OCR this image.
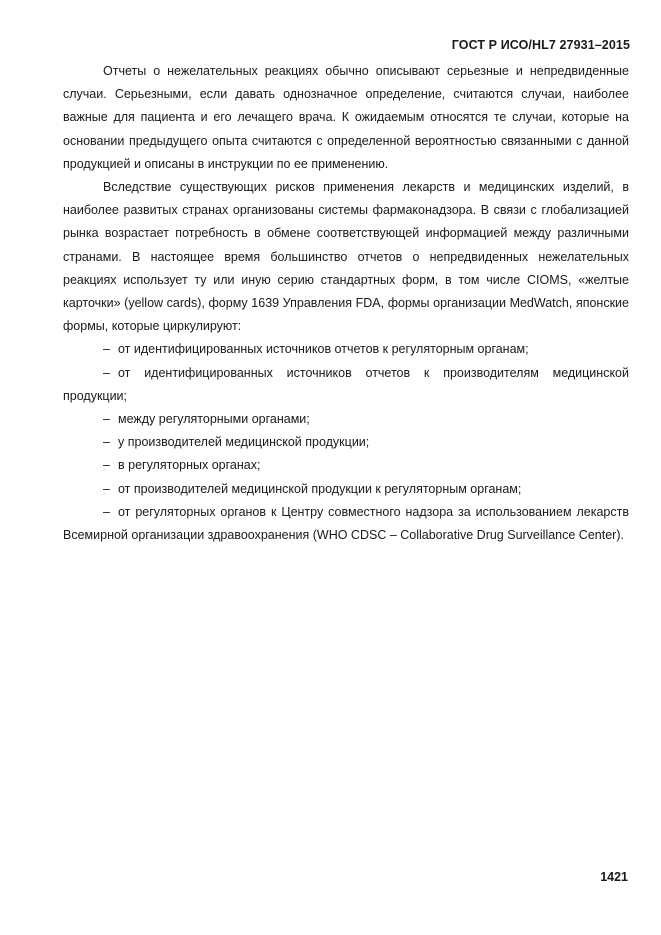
ГОСТ Р ИСО/HL7 27931–2015

Отчеты о нежелательных реакциях обычно описывают серьезные и непредвиденные случаи. Серьезными, если давать однозначное определение, считаются случаи, наиболее важные для пациента и его лечащего врача. К ожидаемым относятся те случаи, которые на основании предыдущего опыта считаются с определенной вероятностью связанными с данной продукцией и описаны в инструкции по ее применению.

Вследствие существующих рисков применения лекарств и медицинских изделий, в наиболее развитых странах организованы системы фармаконадзора. В связи с глобализацией рынка возрастает потребность в обмене соответствующей информацией между различными странами. В настоящее время большинство отчетов о непредвиденных нежелательных реакциях использует ту или иную серию стандартных форм, в том числе CIOMS, «желтые карточки» (yellow cards), форму 1639 Управления FDA, формы организации MedWatch, японские формы, которые циркулируют:

– от идентифицированных источников отчетов к регуляторным органам;

– от идентифицированных источников отчетов к производителям медицинской продукции;

– между регуляторными органами;

– у производителей медицинской продукции;

– в регуляторных органах;

– от производителей медицинской продукции к регуляторным органам;

– от регуляторных органов к Центру совместного надзора за использованием лекарств Всемирной организации здравоохранения (WHO CDSC – Collaborative Drug Surveillance Center).

1421
